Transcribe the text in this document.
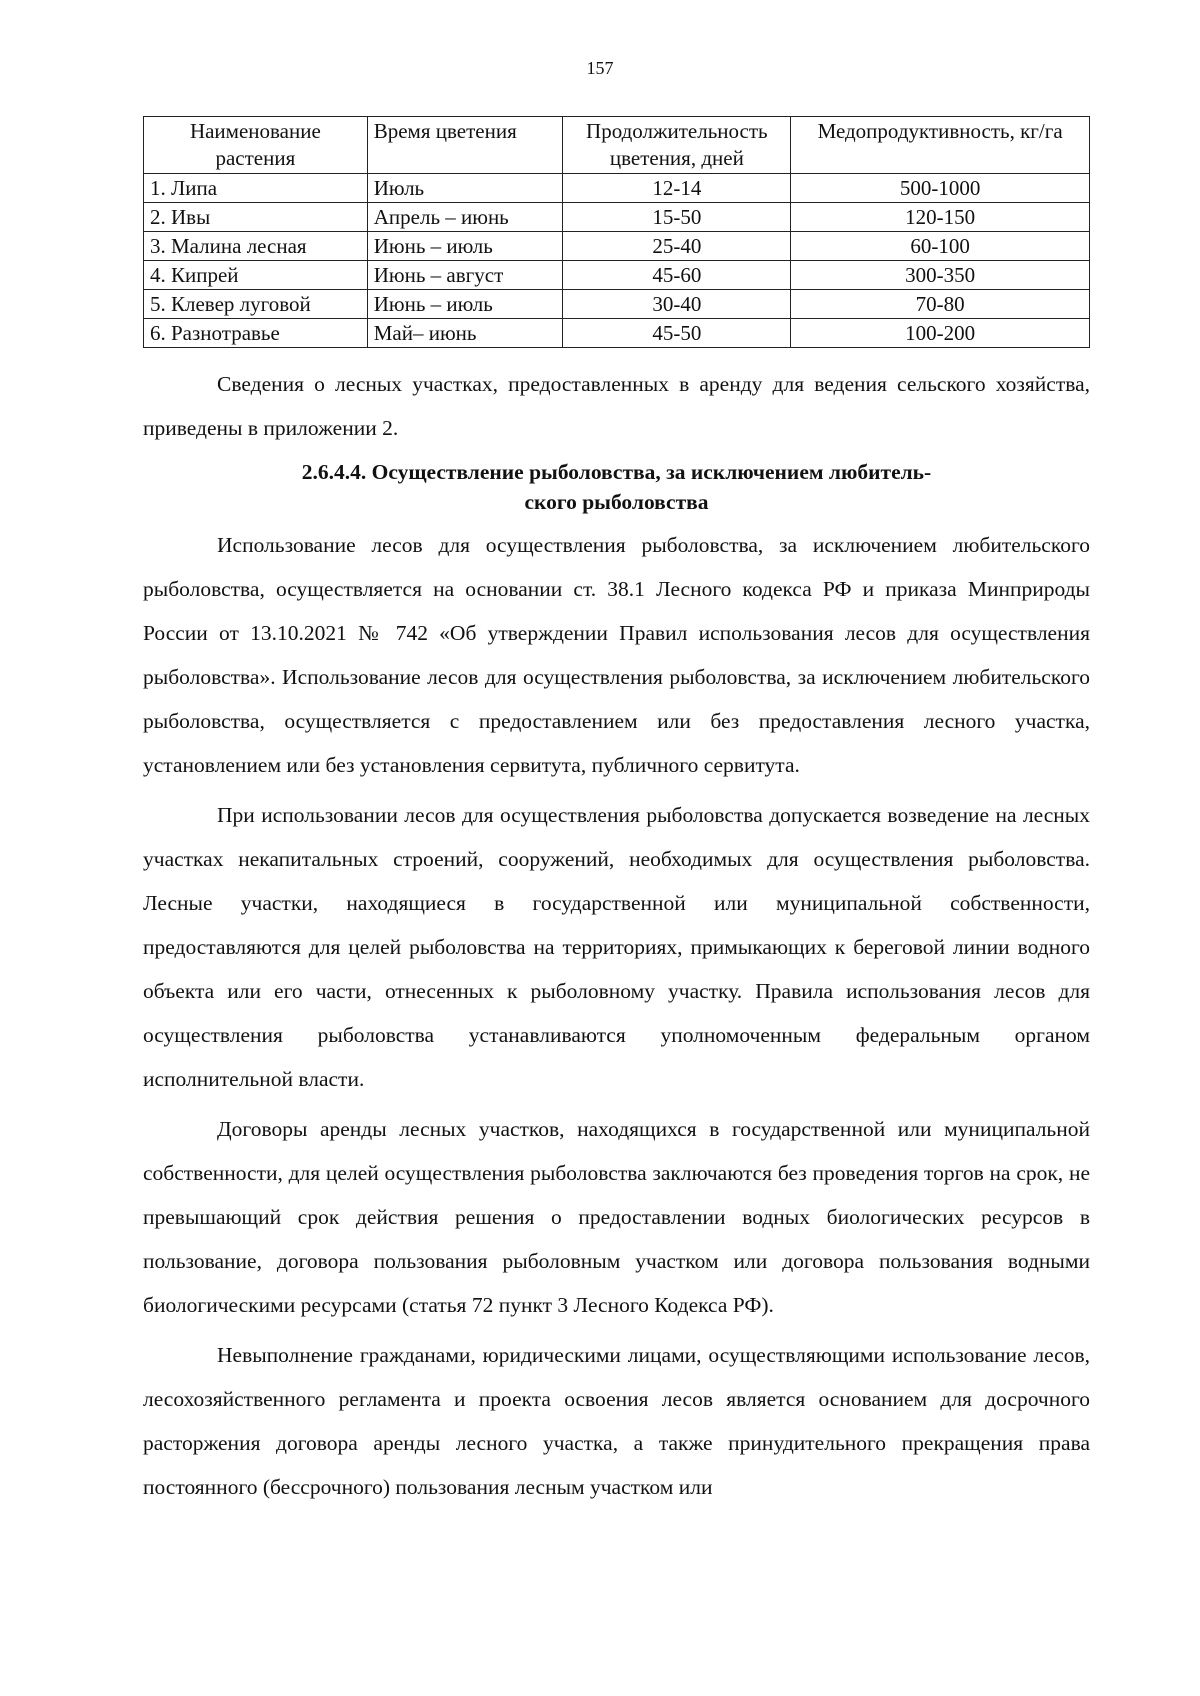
157
Наименование растения	Время цветения	Продолжительность цветения, дней	Медопродуктивность, кг/га
1. Липа	Июль	12-14	500-1000
2. Ивы	Апрель – июнь	15-50	120-150
3. Малина лесная	Июнь – июль	25-40	60-100
4. Кипрей	Июнь – август	45-60	300-350
5. Клевер луговой	Июнь – июль	30-40	70-80
6. Разнотравье	Май– июнь	45-50	100-200

Сведения о лесных участках, предоставленных в аренду для ведения сельского хозяйства, приведены в приложении 2.

2.6.4.4. Осуществление рыболовства, за исключением любитель-
ского рыболовства

Использование лесов для осуществления рыболовства, за исключением любительского рыболовства, осуществляется на основании ст. 38.1 Лесного кодекса РФ и приказа Минприроды России от 13.10.2021 № 742 «Об утверждении Правил использования лесов для осуществления рыболовства». Использование лесов для осуществления рыболовства, за исключением любительского рыболовства, осуществляется с предоставлением или без предоставления лесного участка, установлением или без установления сервитута, публичного сервитута.

При использовании лесов для осуществления рыболовства допускается возведение на лесных участках некапитальных строений, сооружений, необходимых для осуществления рыболовства. Лесные участки, находящиеся в государственной или муниципальной собственности, предоставляются для целей рыболовства на территориях, примыкающих к береговой линии водного объекта или его части, отнесенных к рыболовному участку. Правила использования лесов для осуществления рыболовства устанавливаются уполномоченным федеральным органом исполнительной власти.

Договоры аренды лесных участков, находящихся в государственной или муниципальной собственности, для целей осуществления рыболовства заключаются без проведения торгов на срок, не превышающий срок действия решения о предоставлении водных биологических ресурсов в пользование, договора пользования рыболовным участком или договора пользования водными биологическими ресурсами (статья 72 пункт 3 Лесного Кодекса РФ).

Невыполнение гражданами, юридическими лицами, осуществляющими использование лесов, лесохозяйственного регламента и проекта освоения лесов является основанием для досрочного расторжения договора аренды лесного участка, а также принудительного прекращения права постоянного (бессрочного) пользования лесным участком или
